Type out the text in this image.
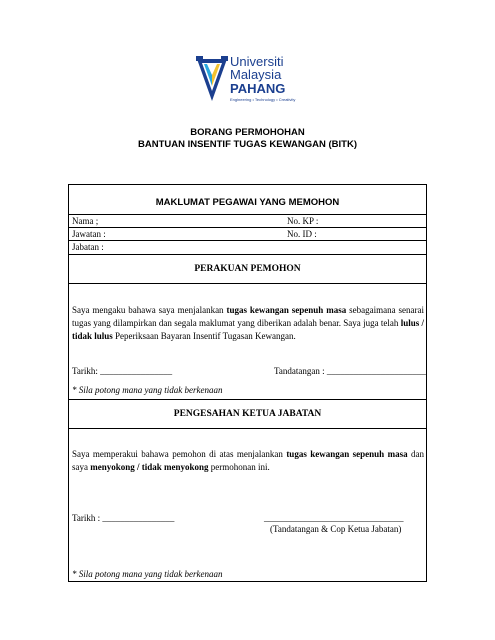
Universiti
Malaysia
PAHANG
Engineering • Technology • Creativity
BORANG PERMOHOHAN
BANTUAN INSENTIF TUGAS KEWANGAN (BITK)
MAKLUMAT PEGAWAI YANG MEMOHON
Nama ;	No. KP :
Jawatan :	No. ID :
Jabatan :
PERAKUAN PEMOHON
Saya mengaku bahawa saya menjalankan tugas kewangan sepenuh masa sebagaimana senarai tugas yang dilampirkan dan segala maklumat yang diberikan adalah benar. Saya juga telah lulus / tidak lulus Peperiksaan Bayaran Insentif Tugasan Kewangan.
Tarikh: ________________	Tandatangan : ______________________
* Sila potong mana yang tidak berkenaan
PENGESAHAN KETUA JABATAN
Saya memperakui bahawa pemohon di atas menjalankan tugas kewangan sepenuh masa dan saya menyokong / tidak menyokong permohonan ini.
Tarikh : ________________	_______________________________
(Tandatangan & Cop Ketua Jabatan)
* Sila potong mana yang tidak berkenaan
